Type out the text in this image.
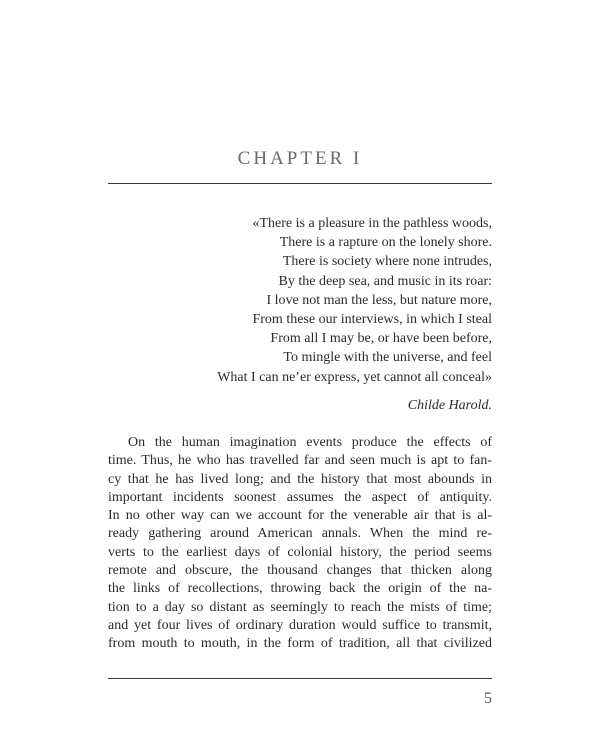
CHAPTER I
«There is a pleasure in the pathless woods,
There is a rapture on the lonely shore.
There is society where none intrudes,
By the deep sea, and music in its roar:
I love not man the less, but nature more,
From these our interviews, in which I steal
From all I may be, or have been before,
To mingle with the universe, and feel
What I can ne’er express, yet cannot all conceal»

Childe Harold.

On the human imagination events produce the effects of
time. Thus, he who has travelled far and seen much is apt to fan-
cy that he has lived long; and the history that most abounds in
important incidents soonest assumes the aspect of antiquity.
In no other way can we account for the venerable air that is al-
ready gathering around American annals. When the mind re-
verts to the earliest days of colonial history, the period seems
remote and obscure, the thousand changes that thicken along
the links of recollections, throwing back the origin of the na-
tion to a day so distant as seemingly to reach the mists of time;
and yet four lives of ordinary duration would suffice to transmit,
from mouth to mouth, in the form of tradition, all that civilized

5
